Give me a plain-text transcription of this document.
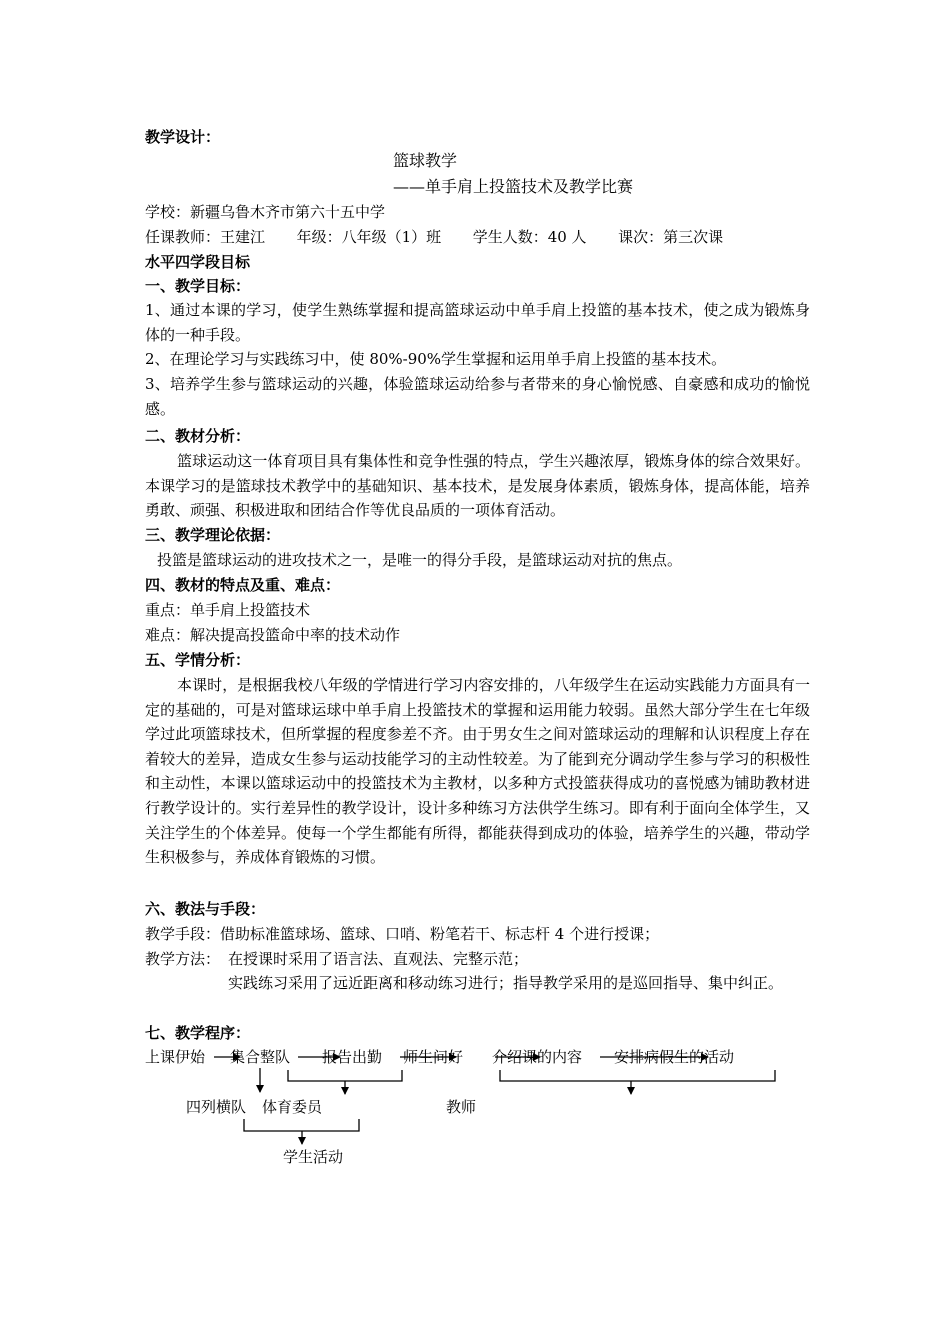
教学设计：
篮球教学
——单手肩上投篮技术及教学比赛
学校：新疆乌鲁木齐市第六十五中学
任课教师：王建江 年级：八年级（1）班 学生人数：40 人 课次：第三次课
水平四学段目标
一、教学目标：
1、通过本课的学习，使学生熟练掌握和提高篮球运动中单手肩上投篮的基本技术，使之成为锻炼身体的一种手段。
2、在理论学习与实践练习中，使 80%-90%学生掌握和运用单手肩上投篮的基本技术。
3、培养学生参与篮球运动的兴趣，体验篮球运动给参与者带来的身心愉悦感、自豪感和成功的愉悦感。
二、教材分析：
篮球运动这一体育项目具有集体性和竞争性强的特点，学生兴趣浓厚，锻炼身体的综合效果好。本课学习的是篮球技术教学中的基础知识、基本技术，是发展身体素质，锻炼身体，提高体能，培养勇敢、顽强、积极进取和团结合作等优良品质的一项体育活动。
三、教学理论依据：
投篮是篮球运动的进攻技术之一，是唯一的得分手段，是篮球运动对抗的焦点。
四、教材的特点及重、难点：
重点：单手肩上投篮技术
难点：解决提高投篮命中率的技术动作
五、学情分析：
本课时，是根据我校八年级的学情进行学习内容安排的，八年级学生在运动实践能力方面具有一定的基础的，可是对篮球运球中单手肩上投篮技术的掌握和运用能力较弱。虽然大部分学生在七年级学过此项篮球技术，但所掌握的程度参差不齐。由于男女生之间对篮球运动的理解和认识程度上存在着较大的差异，造成女生参与运动技能学习的主动性较差。为了能到充分调动学生参与学习的积极性和主动性，本课以篮球运动中的投篮技术为主教材，以多种方式投篮获得成功的喜悦感为铺助教材进行教学设计的。实行差异性的教学设计，设计多种练习方法供学生练习。即有利于面向全体学生，又关注学生的个体差异。使每一个学生都能有所得，都能获得到成功的体验，培养学生的兴趣，带动学生积极参与，养成体育锻炼的习惯。
六、教法与手段：
教学手段：借助标准篮球场、篮球、口哨、粉笔若干、标志杆 4 个进行授课；
教学方法： 在授课时采用了语言法、直观法、完整示范；
实践练习采用了远近距离和移动练习进行；指导教学采用的是巡回指导、集中纠正。
七、教学程序：
上课伊始 集合整队 报告出勤 师生问好 介绍课的内容 安排病假生的活动
四列横队 体育委员	教师
学生活动
